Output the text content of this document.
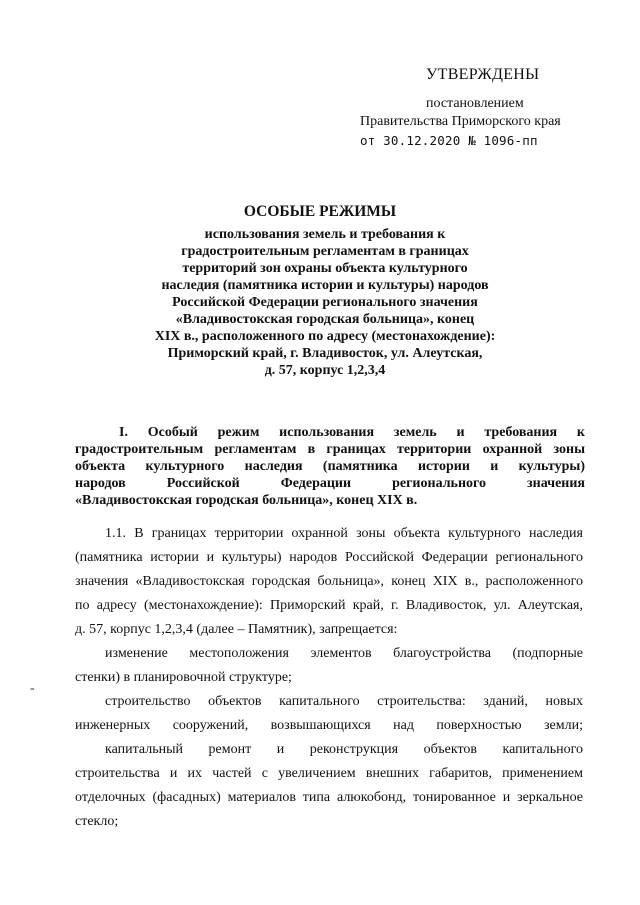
УТВЕРЖДЕНЫ
постановлением
Правительства Приморского края
от 30.12.2020 № 1096-пп
ОСОБЫЕ РЕЖИМЫ
использования земель и требования к
градостроительным регламентам в границах
территорий зон охраны объекта культурного
наследия (памятника истории и культуры) народов
Российской Федерации регионального значения
«Владивостокская городская больница», конец
XIX в., расположенного по адресу (местонахождение):
Приморский край, г. Владивосток, ул. Алеутская,
д. 57, корпус 1,2,3,4
I. Особый режим использования земель и требования к
градостроительным регламентам в границах территории охранной зоны
объекта культурного наследия (памятника истории и культуры)
народов Российской Федерации регионального значения
«Владивостокская городская больница», конец XIX в.
1.1. В границах территории охранной зоны объекта культурного наследия
(памятника истории и культуры) народов Российской Федерации регионального
значения «Владивостокская городская больница», конец XIX в., расположенного
по адресу (местонахождение): Приморский край, г. Владивосток, ул. Алеутская,
д. 57, корпус 1,2,3,4 (далее – Памятник), запрещается:
изменение местоположения элементов благоустройства (подпорные
стенки) в планировочной структуре;
строительство объектов капитального строительства: зданий, новых
инженерных сооружений, возвышающихся над поверхностью земли;
капитальный ремонт и реконструкция объектов капитального
строительства и их частей с увеличением внешних габаритов, применением
отделочных (фасадных) материалов типа алюкобонд, тонированное и зеркальное
стекло;
-
